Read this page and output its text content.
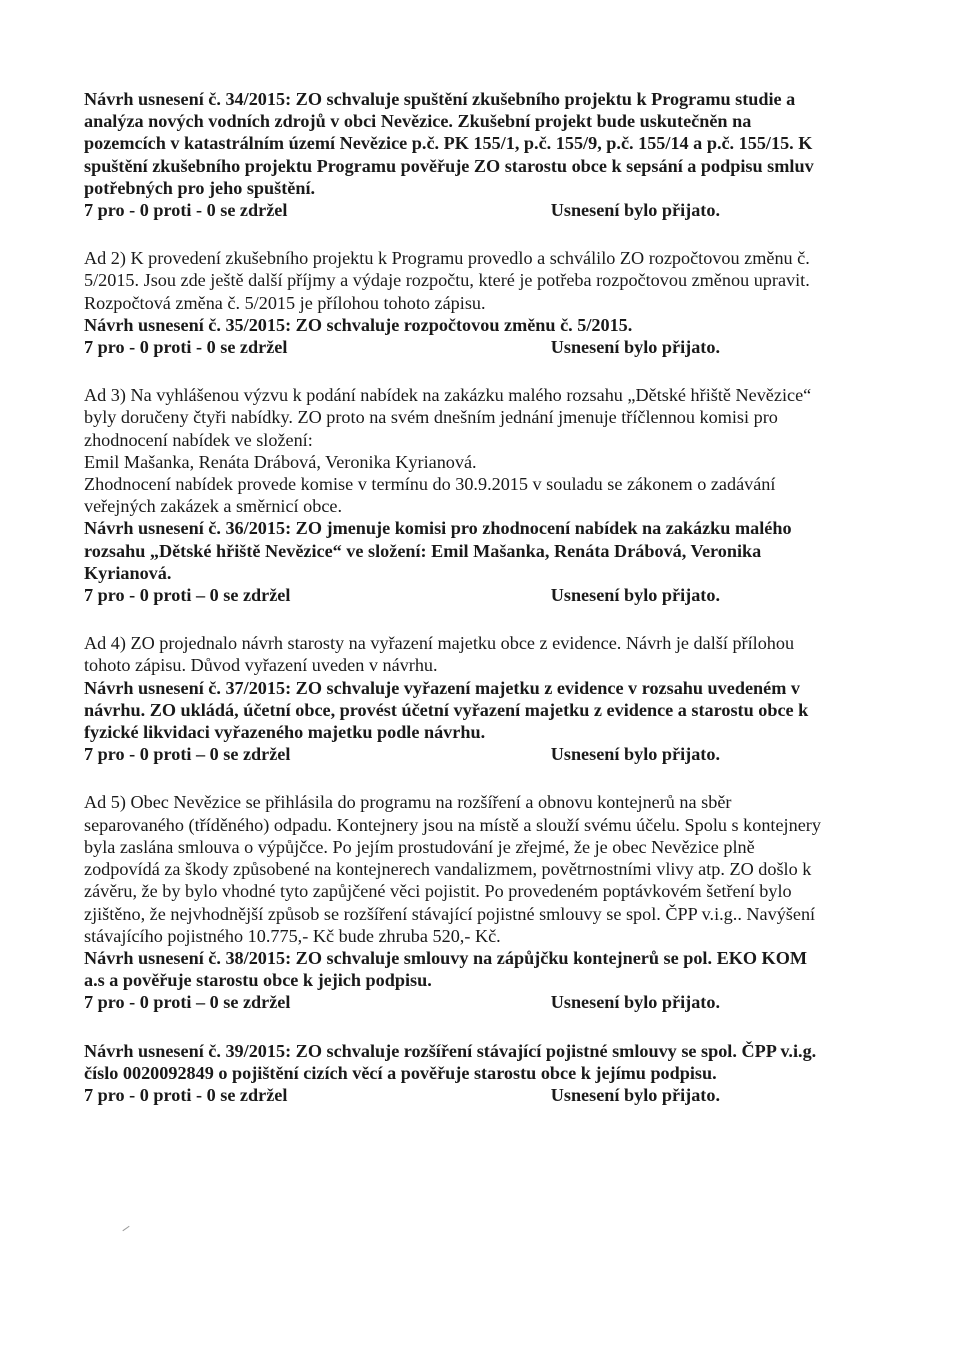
Návrh usnesení č. 34/2015: ZO schvaluje spuštění zkušebního projektu k Programu studie a analýza nových vodních zdrojů v obci Nevězice. Zkušební projekt bude uskutečněn na pozemcích v katastrálním území Nevězice p.č. PK 155/1, p.č. 155/9, p.č. 155/14 a p.č. 155/15. K spuštění zkušebního projektu Programu pověřuje ZO starostu obce k sepsání a podpisu smluv potřebných pro jeho spuštění.

7 pro - 0 proti - 0 se zdržel	Usnesení bylo přijato.

Ad 2) K provedení zkušebního projektu k Programu provedlo a schválilo ZO rozpočtovou změnu č. 5/2015. Jsou zde ještě další příjmy a výdaje rozpočtu, které je potřeba rozpočtovou změnou upravit. Rozpočtová změna č. 5/2015 je přílohou tohoto zápisu.

Návrh usnesení č. 35/2015: ZO schvaluje rozpočtovou změnu č. 5/2015.

7 pro - 0 proti - 0 se zdržel	Usnesení bylo přijato.

Ad 3) Na vyhlášenou výzvu k podání nabídek na zakázku malého rozsahu „Dětské hřiště Nevězice“ byly doručeny čtyři nabídky. ZO proto na svém dnešním jednání jmenuje tříčlennou komisi pro zhodnocení nabídek ve složení:

Emil Mašanka, Renáta Drábová, Veronika Kyrianová.

Zhodnocení nabídek provede komise v termínu do 30.9.2015 v souladu se zákonem o zadávání veřejných zakázek a směrnicí obce.

Návrh usnesení č. 36/2015: ZO jmenuje komisi pro zhodnocení nabídek na zakázku malého rozsahu „Dětské hřiště Nevězice“ ve složení: Emil Mašanka, Renáta Drábová, Veronika Kyrianová.

7 pro - 0 proti – 0 se zdržel	Usnesení bylo přijato.

Ad 4) ZO projednalo návrh starosty na vyřazení majetku obce z evidence. Návrh je další přílohou tohoto zápisu. Důvod vyřazení uveden v návrhu.

Návrh usnesení č. 37/2015: ZO schvaluje vyřazení majetku z evidence v rozsahu uvedeném v návrhu. ZO ukládá, účetní obce, provést účetní vyřazení majetku z evidence a starostu obce k fyzické likvidaci vyřazeného majetku podle návrhu.

7 pro - 0 proti – 0 se zdržel	Usnesení bylo přijato.

Ad 5) Obec Nevězice se přihlásila do programu na rozšíření a obnovu kontejnerů na sběr separovaného (tříděného) odpadu. Kontejnery jsou na místě a slouží svému účelu. Spolu s kontejnery byla zaslána smlouva o výpůjčce. Po jejím prostudování je zřejmé, že je obec Nevězice plně zodpovídá za škody způsobené na kontejnerech vandalizmem, povětrnostními vlivy atp. ZO došlo k závěru, že by bylo vhodné tyto zapůjčené věci pojistit. Po provedeném poptávkovém šetření bylo zjištěno, že nejvhodnější způsob se rozšíření stávající pojistné smlouvy se spol. ČPP v.i.g.. Navýšení stávajícího pojistného 10.775,- Kč bude zhruba 520,- Kč.

Návrh usnesení č. 38/2015: ZO schvaluje smlouvy na zápůjčku kontejnerů se pol. EKO KOM a.s a pověřuje starostu obce k jejich podpisu.

7 pro - 0 proti – 0 se zdržel	Usnesení bylo přijato.

Návrh usnesení č. 39/2015: ZO schvaluje rozšíření stávající pojistné smlouvy se spol. ČPP v.i.g. číslo 0020092849 o pojištění cizích věcí a pověřuje starostu obce k jejímu podpisu.

7 pro - 0 proti - 0 se zdržel	Usnesení bylo přijato.
